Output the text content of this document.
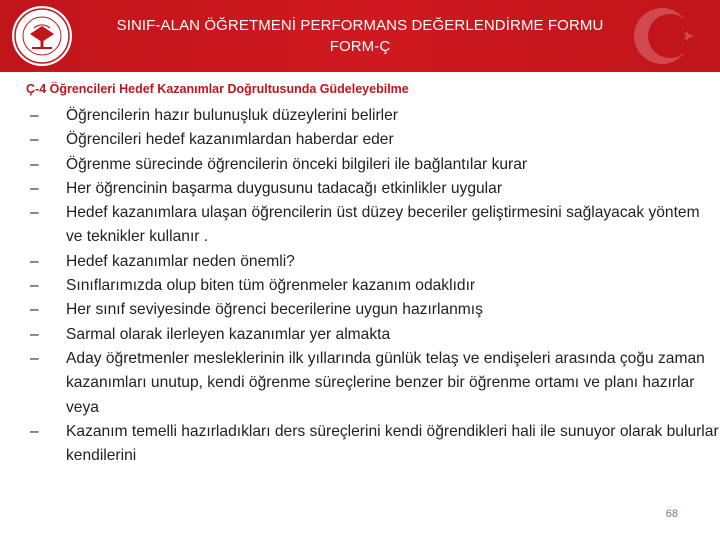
SINIF-ALAN ÖĞRETMENİ PERFORMANS DEĞERLENDİRME FORMU
FORM-Ç
Ç-4 Öğrencileri Hedef Kazanımlar Doğrultusunda Güdeleyebilme
–	Öğrencilerin hazır bulunuşluk düzeylerini belirler
–	Öğrencileri hedef kazanımlardan haberdar eder
–	Öğrenme sürecinde öğrencilerin önceki bilgileri ile bağlantılar kurar
–	Her öğrencinin başarma duygusunu tadacağı etkinlikler uygular
–	Hedef kazanımlara ulaşan öğrencilerin üst düzey beceriler geliştirmesini sağlayacak yöntem ve teknikler kullanır .
–	Hedef kazanımlar neden önemli?
–	Sınıflarımızda olup biten tüm öğrenmeler kazanım odaklıdır
–	Her sınıf seviyesinde öğrenci becerilerine uygun hazırlanmış
–	Sarmal olarak ilerleyen kazanımlar yer almakta
–	Aday öğretmenler mesleklerinin ilk yıllarında günlük telaş ve endişeleri arasında çoğu zaman kazanımları unutup, kendi öğrenme süreçlerine benzer bir öğrenme ortamı ve planı hazırlar veya
–	Kazanım temelli hazırladıkları ders süreçlerini kendi öğrendikleri hali ile sunuyor olarak bulurlar kendilerini
68
